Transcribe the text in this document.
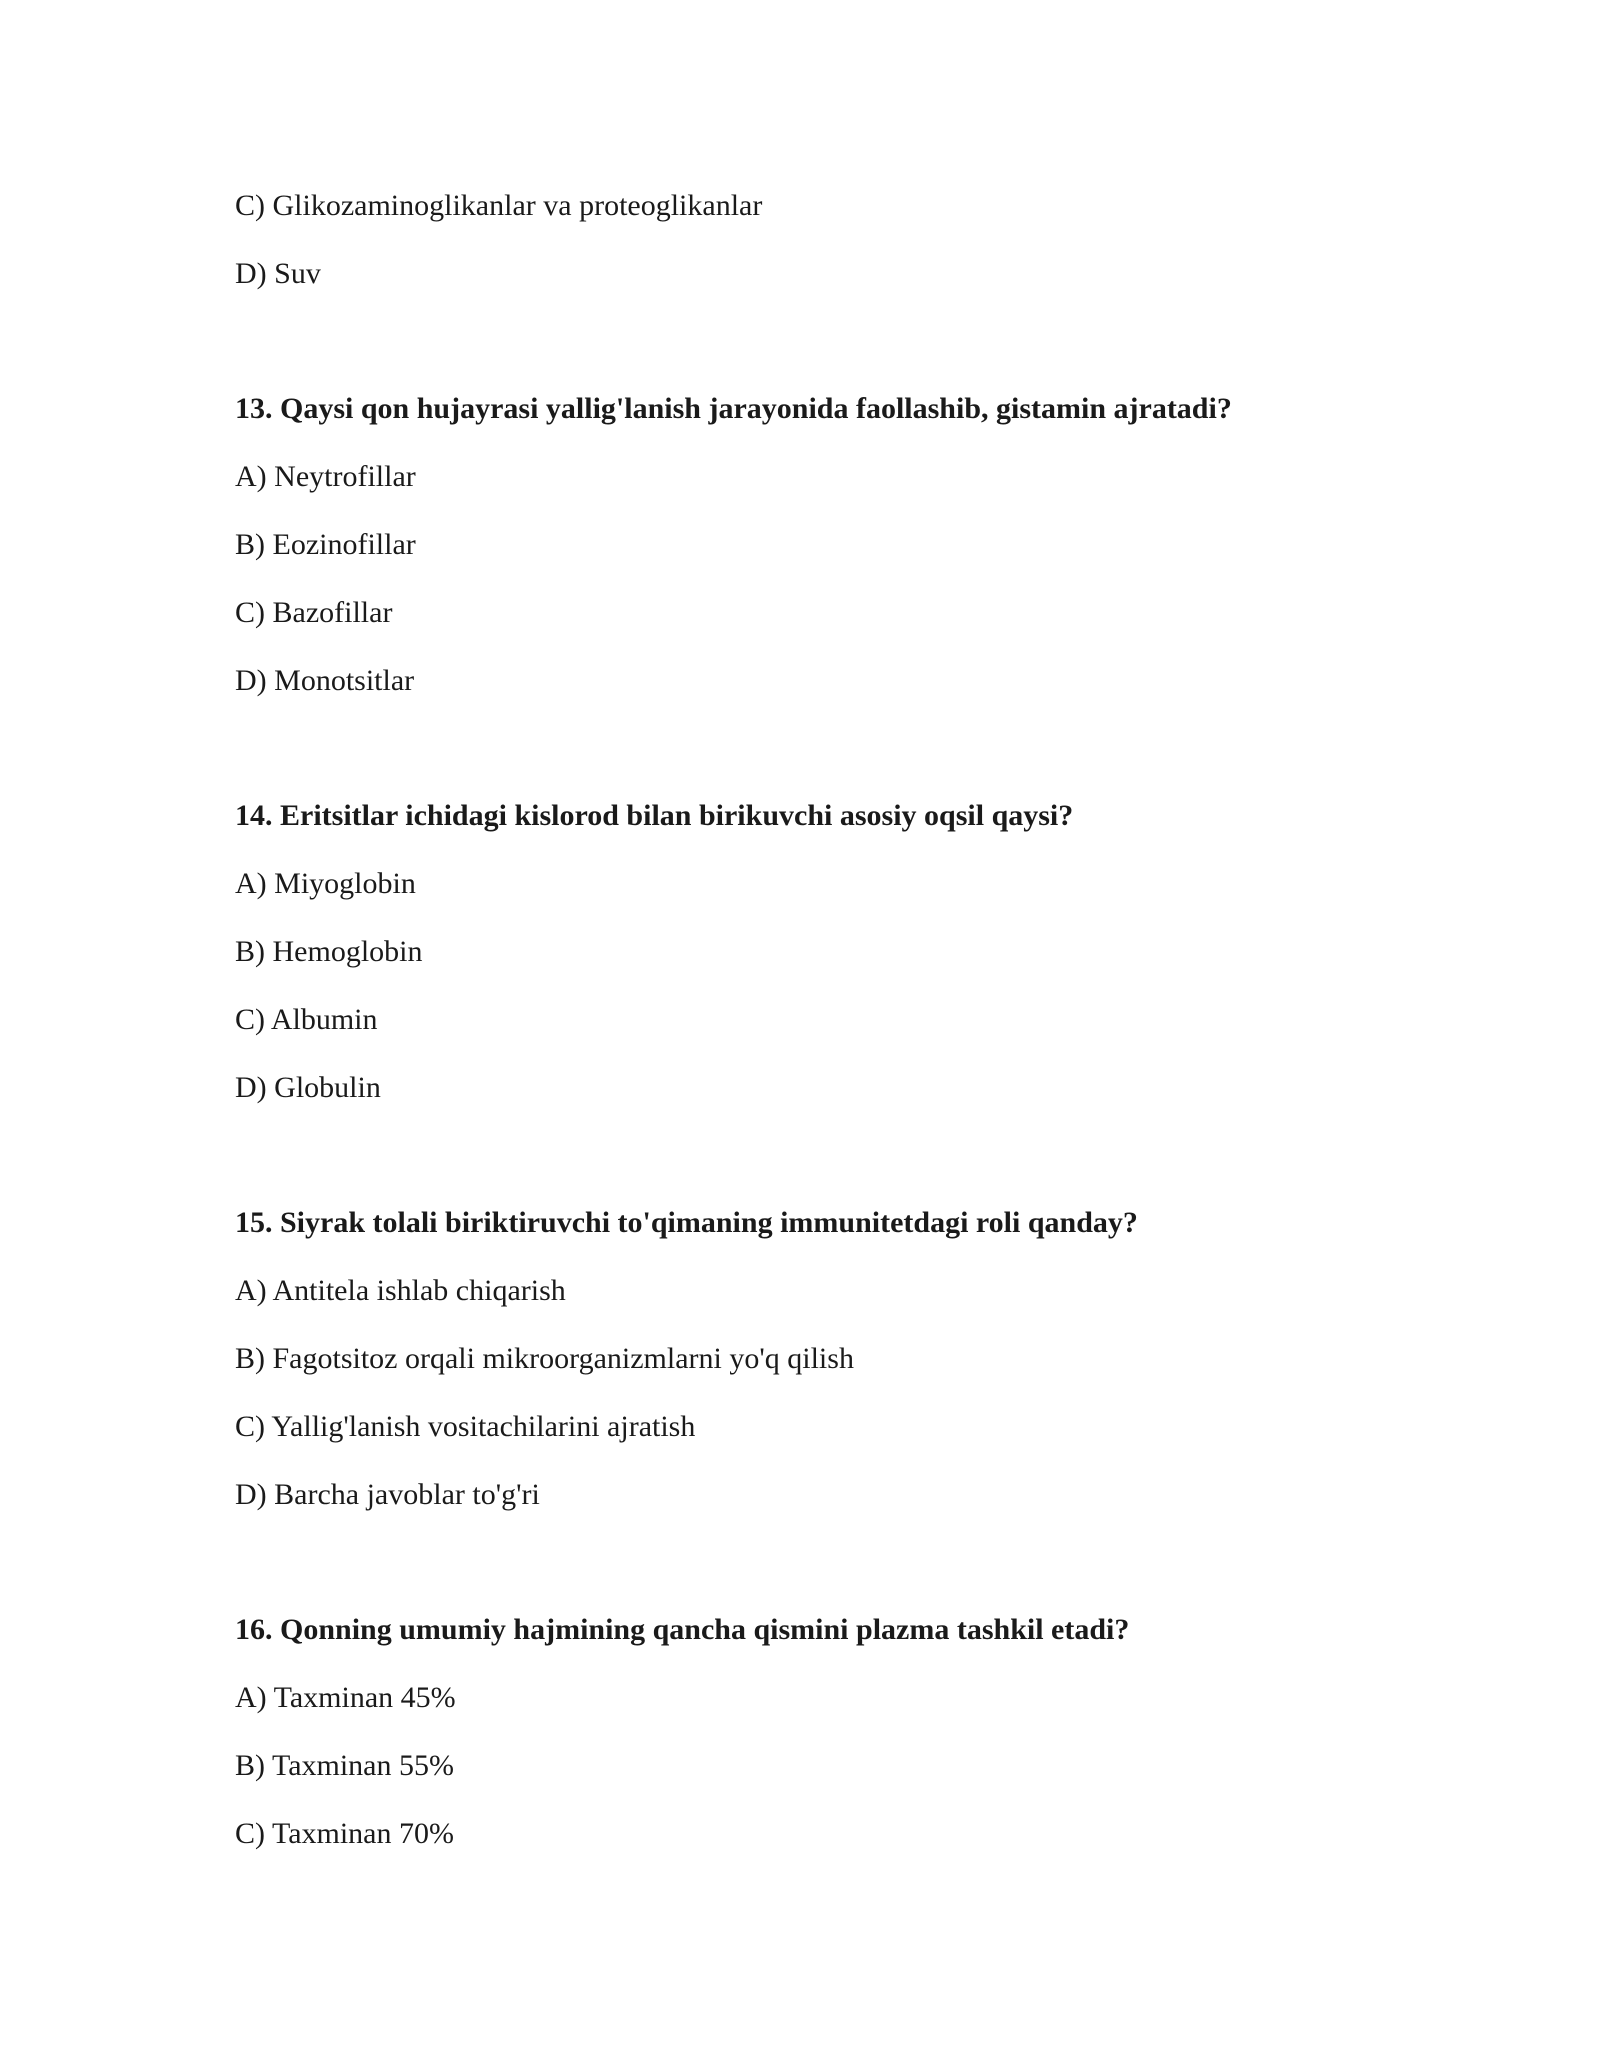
C) Glikozaminoglikanlar va proteoglikanlar
D) Suv
13. Qaysi qon hujayrasi yallig'lanish jarayonida faollashib, gistamin ajratadi?
A) Neytrofillar
B) Eozinofillar
C) Bazofillar
D) Monotsitlar
14. Eritsitlar ichidagi kislorod bilan birikuvchi asosiy oqsil qaysi?
A) Miyoglobin
B) Hemoglobin
C) Albumin
D) Globulin
15. Siyrak tolali biriktiruvchi to'qimaning immunitetdagi roli qanday?
A) Antitela ishlab chiqarish
B) Fagotsitoz orqali mikroorganizmlarni yo'q qilish
C) Yallig'lanish vositachilarini ajratish
D) Barcha javoblar to'g'ri
16. Qonning umumiy hajmining qancha qismini plazma tashkil etadi?
A) Taxminan 45%
B) Taxminan 55%
C) Taxminan 70%
